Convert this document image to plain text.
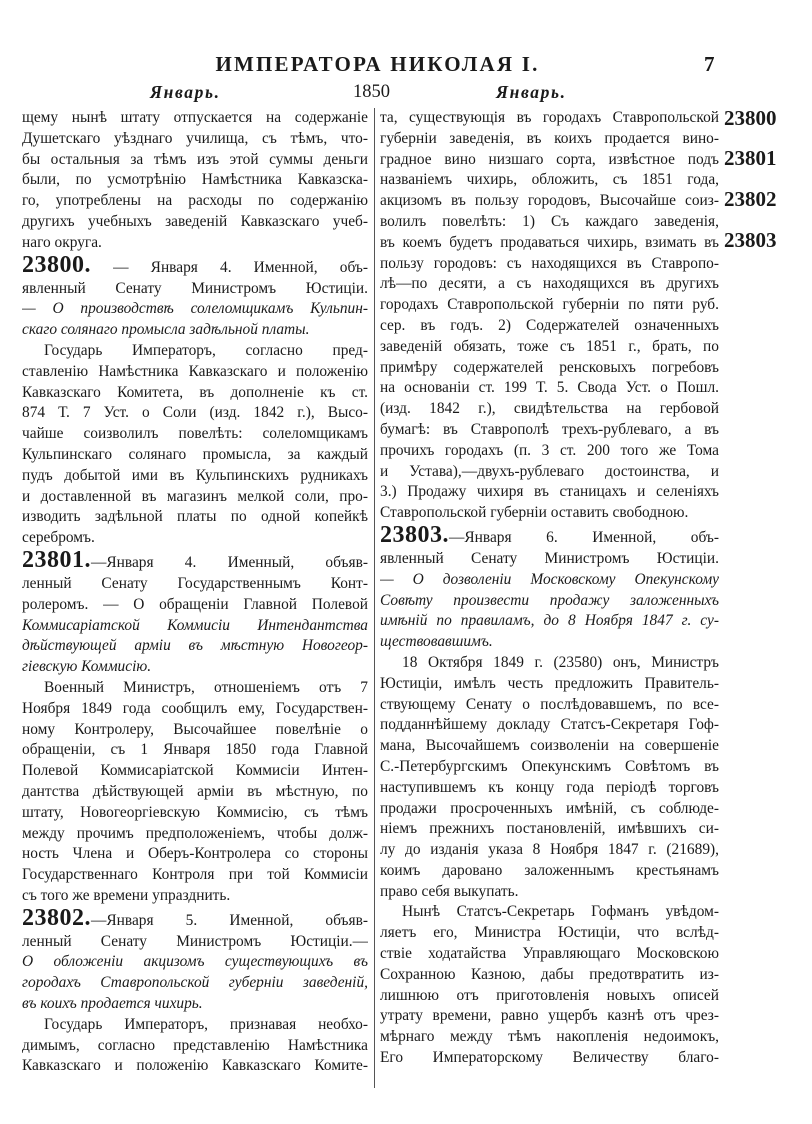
ИМПЕРАТОРА НИКОЛАЯ I.	7
Январь.	1850	Январь.
щему нынѣ штату отпускается на содержаніе
Душетскаго уѣзднаго училища, съ тѣмъ, что-
бы остальныя за тѣмъ изъ этой суммы деньги
были, по усмотрѣнію Намѣстника Кавказска-
го, употреблены на расходы по содержанію
другихъ учебныхъ заведеній Кавказскаго учеб-
наго округа.
23800. — Января 4. Именной, объ-
явленный Сенату Министромъ Юстиціи.
— О производствѣ солеломщикамъ Кульпин-
скаго солянаго промысла задѣльной платы.
Государь Императоръ, согласно пред-
ставленію Намѣстника Кавказскаго и положенію
Кавказскаго Комитета, въ дополненіе къ ст.
874 Т. 7 Уст. о Соли (изд. 1842 г.), Высо-
чайше соизволилъ повелѣть: солеломщикамъ
Кульпинскаго солянаго промысла, за каждый
пудъ добытой ими въ Кульпинскихъ рудникахъ
и доставленной въ магазинъ мелкой соли, про-
изводить задѣльной платы по одной копейкѣ
серебромъ.
23801.—Января 4. Именный, объяв-
ленный Сенату Государственнымъ Конт-
ролеромъ. — О обращеніи Главной Полевой
Коммисаріатской Коммисіи Интендантства
дѣйствующей арміи въ мѣстную Новогеор-
гіевскую Коммисію.
Военный Министръ, отношеніемъ отъ 7
Ноября 1849 года сообщилъ ему, Государствен-
ному Контролеру, Высочайшее повелѣніе о
обращеніи, съ 1 Января 1850 года Главной
Полевой Коммисаріатской Коммисіи Интен-
дантства дѣйствующей арміи въ мѣстную, по
штату, Новогеоргіевскую Коммисію, съ тѣмъ
между прочимъ предположеніемъ, чтобы долж-
ность Члена и Оберъ-Контролера со стороны
Государственнаго Контроля при той Коммисіи
съ того же времени упразднить.
23802.—Января 5. Именной, объяв-
ленный Сенату Министромъ Юстиціи.—
О обложеніи акцизомъ существующихъ въ
городахъ Ставропольской губерніи заведеній,
въ коихъ продается чихирь.
Государь Императоръ, признавая необхо-
димымъ, согласно представленію Намѣстника
Кавказскаго и положенію Кавказскаго Комите-
та, существующія въ городахъ Ставропольской
губерніи заведенія, въ коихъ продается вино-
градное вино низшаго сорта, извѣстное подъ
названіемъ чихирь, обложить, съ 1851 года,
акцизомъ въ пользу городовъ, Высочайше соиз-
волилъ повелѣть: 1) Съ каждаго заведенія,
въ коемъ будетъ продаваться чихирь, взимать въ
пользу городовъ: съ находящихся въ Ставропо-
лѣ—по десяти, а съ находящихся въ другихъ
городахъ Ставропольской губерніи по пяти руб.
сер. въ годъ. 2) Содержателей означенныхъ
заведеній обязать, тоже съ 1851 г., брать, по
примѣру содержателей ренсковыхъ погребовъ
на основаніи ст. 199 Т. 5. Свода Уст. о Пошл.
(изд. 1842 г.), свидѣтельства на гербовой
бумагѣ: въ Ставрополѣ трехъ-рублеваго, а въ
прочихъ городахъ (п. 3 ст. 200 того же Тома
и Устава),—двухъ-рублеваго достоинства, и
3.) Продажу чихиря въ станицахъ и селеніяхъ
Ставропольской губерніи оставить свободною.
23803.—Января 6. Именной, объ-
явленный Сенату Министромъ Юстиціи.
— О дозволеніи Московскому Опекунскому
Совѣту произвести продажу заложенныхъ
имѣній по правиламъ, до 8 Ноября 1847 г. су-
ществовавшимъ.
18 Октября 1849 г. (23580) онъ, Министръ
Юстиціи, имѣлъ честь предложить Правитель-
ствующему Сенату о послѣдовавшемъ, по все-
подданнѣйшему докладу Статсъ-Секретаря Гоф-
мана, Высочайшемъ соизволеніи на совершеніе
С.-Петербургскимъ Опекунскимъ Совѣтомъ въ
наступившемъ къ концу года періодѣ торговъ
продажи просроченныхъ имѣній, съ соблюде-
ніемъ прежнихъ постановленій, имѣвшихъ си-
лу до изданія указа 8 Ноября 1847 г. (21689),
коимъ даровано заложеннымъ крестьянамъ
право себя выкупать.
Нынѣ Статсъ-Секретарь Гофманъ увѣдом-
ляетъ его, Министра Юстиціи, что вслѣд-
ствіе ходатайства Управляющаго Московскою
Сохранною Казною, дабы предотвратить из-
лишнюю отъ приготовленія новыхъ описей
утрату времени, равно ущербъ казнѣ отъ чрез-
мѣрнаго между тѣмъ накопленія недоимокъ,
Его Императорскому Величеству благо-
23800
23801
23802
23803
